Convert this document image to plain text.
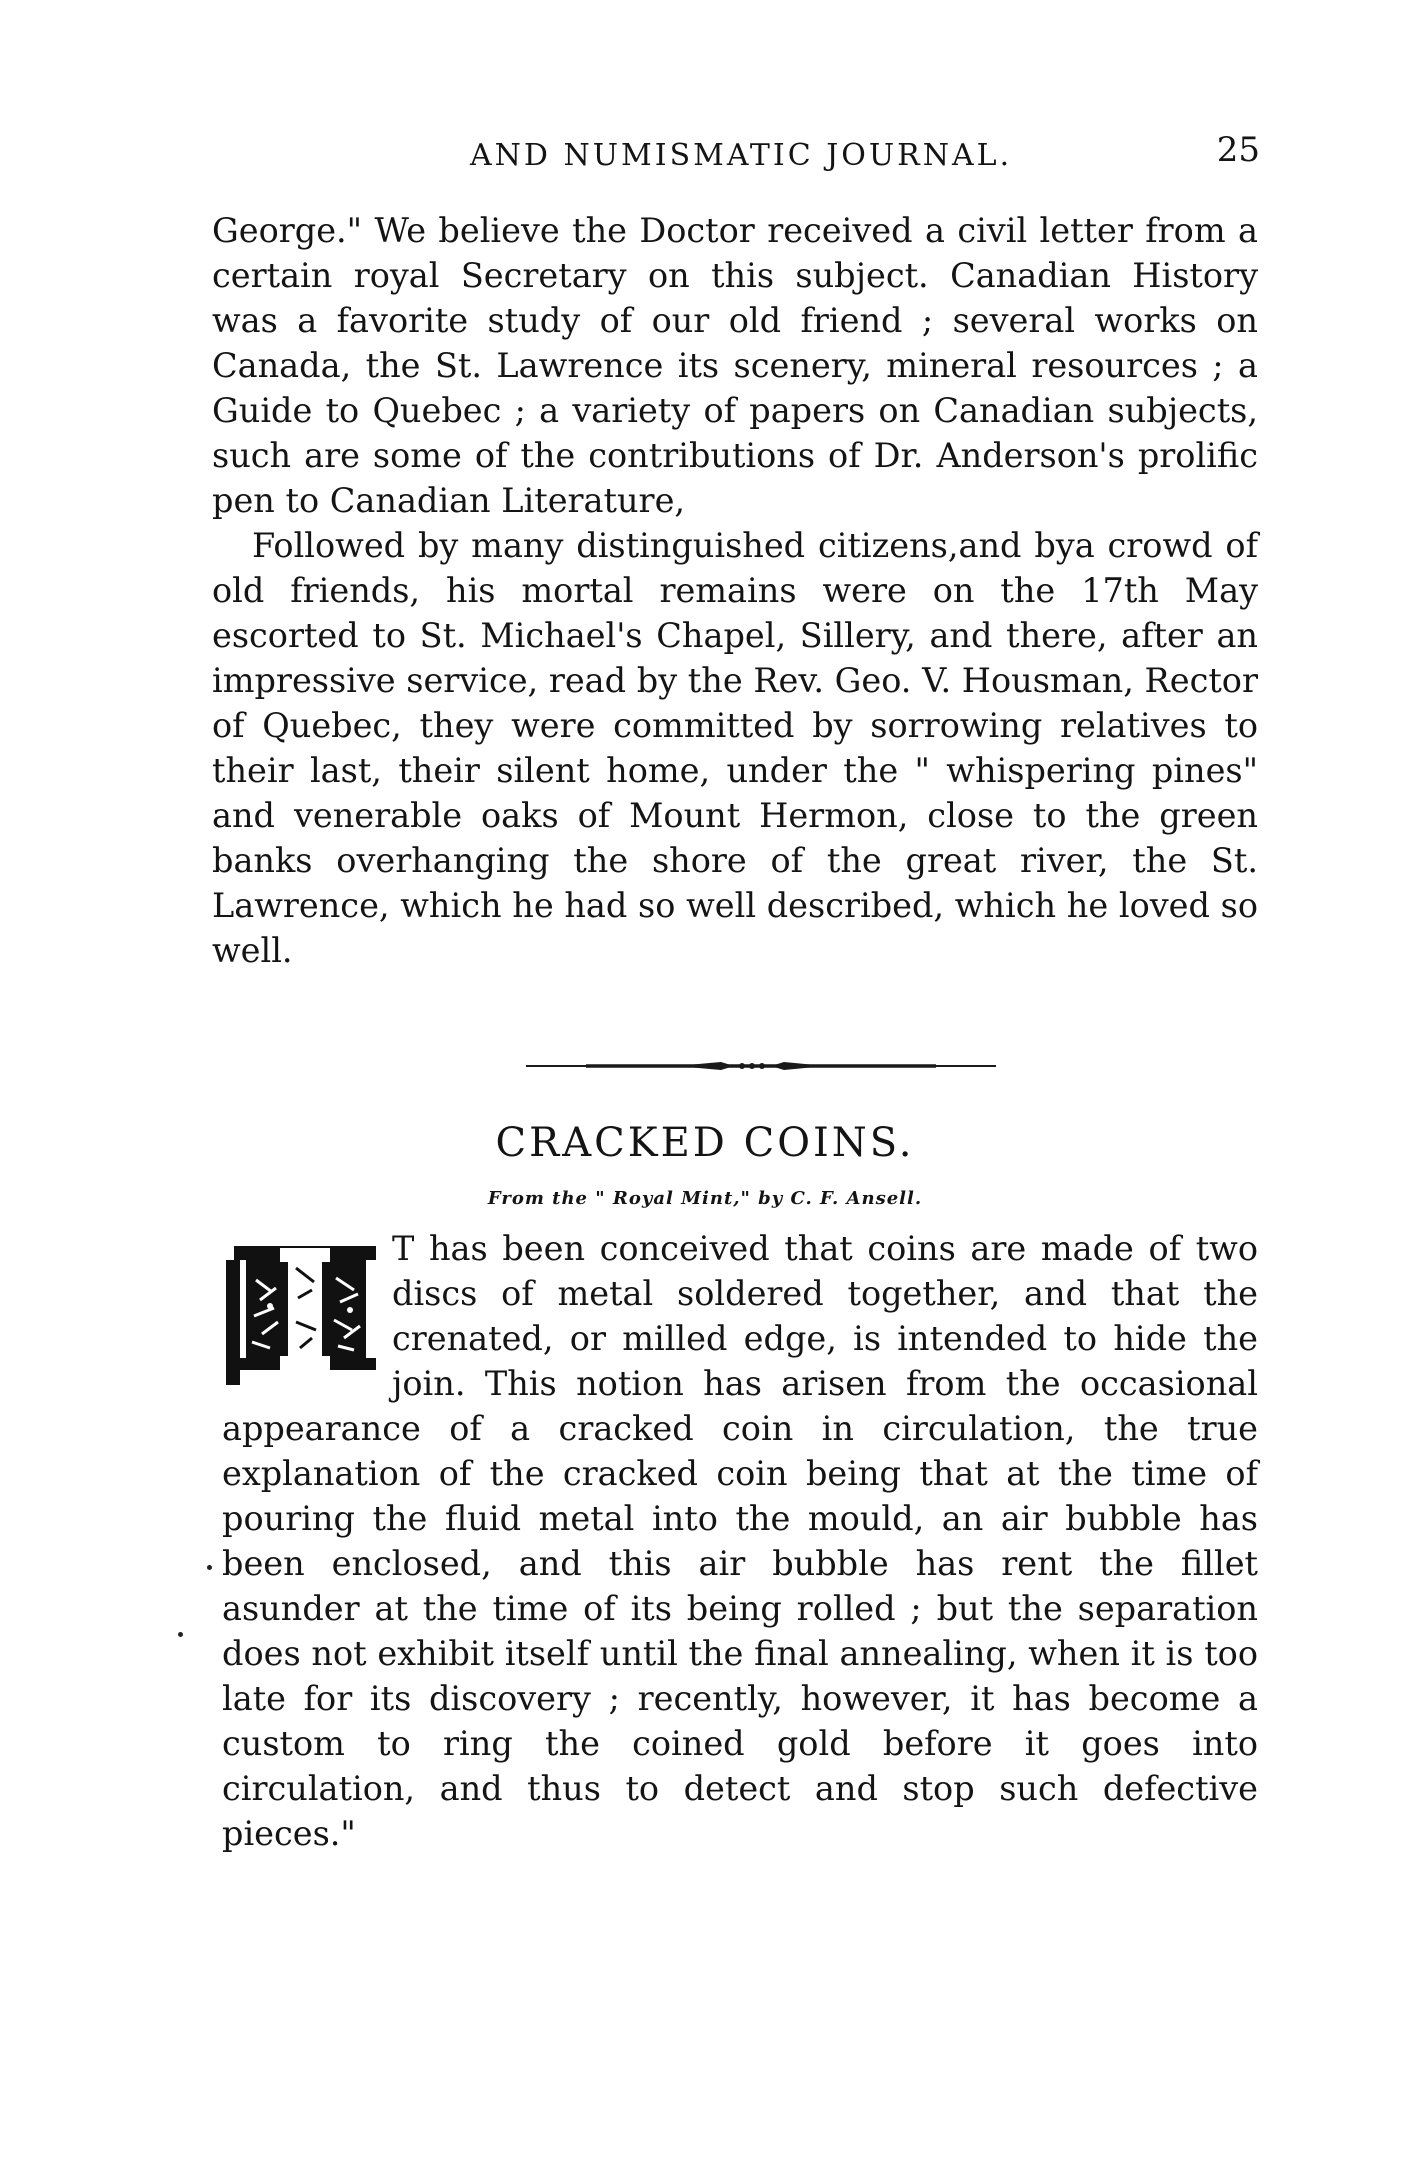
AND NUMISMATIC JOURNAL.	25

George." We believe the Doctor received a civil letter from a certain royal Secretary on this subject. Canadian History was a favorite study of our old friend ; several works on Canada, the St. Lawrence its scenery, mineral resources ; a Guide to Quebec ; a variety of papers on Canadian subjects, such are some of the contributions of Dr. Anderson's prolific pen to Canadian Literature,

Followed by many distinguished citizens,and bya crowd of old friends, his mortal remains were on the 17th May escorted to St. Michael's Chapel, Sillery, and there, after an impressive service, read by the Rev. Geo. V. Housman, Rector of Quebec, they were committed by sorrowing relatives to their last, their silent home, under the " whispering pines" and venerable oaks of Mount Hermon, close to the green banks overhanging the shore of the great river, the St. Lawrence, which he had so well described, which he loved so well.

CRACKED COINS.
From the " Royal Mint," by C. F. Ansell.

T has been conceived that coins are made of two discs of metal soldered together, and that the crenated, or milled edge, is intended to hide the join. This notion has arisen from the occasional appearance of a cracked coin in circulation, the true explanation of the cracked coin being that at the time of pouring the fluid metal into the mould, an air bubble has been enclosed, and this air bubble has rent the fillet asunder at the time of its being rolled ; but the separation does not exhibit itself until the final annealing, when it is too late for its discovery ; recently, however, it has become a custom to ring the coined gold before it goes into circulation, and thus to detect and stop such defective pieces."
